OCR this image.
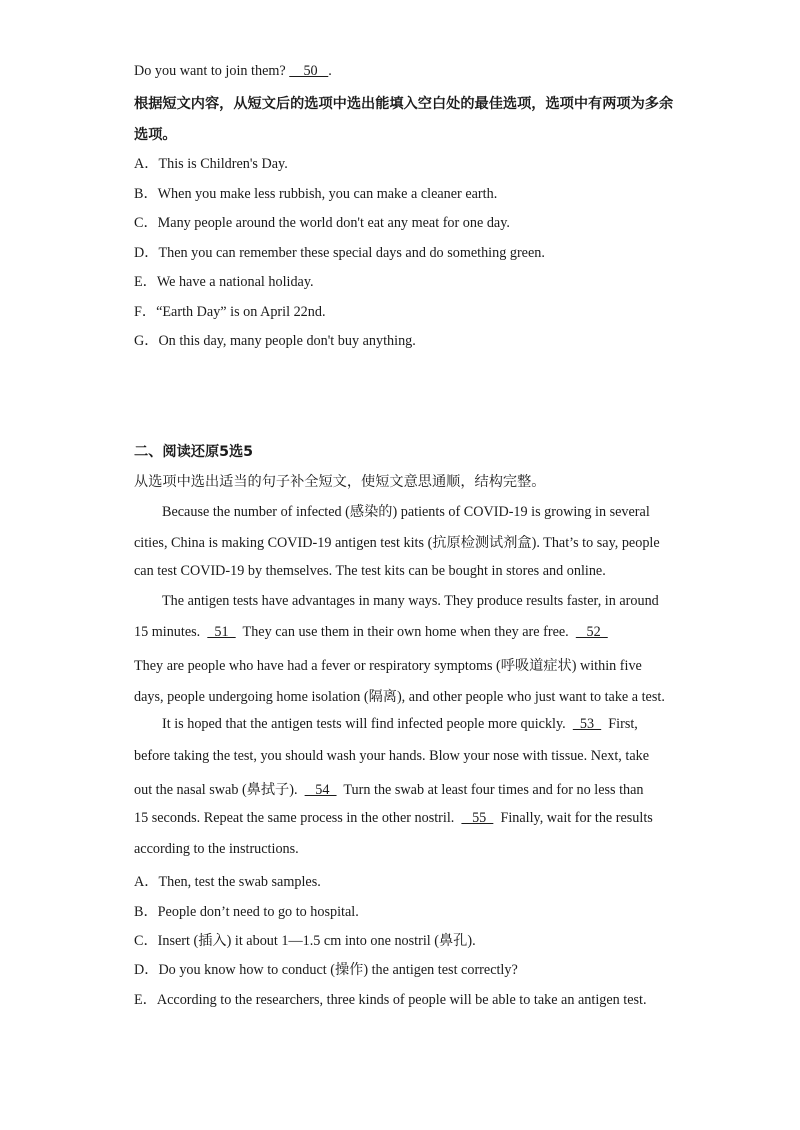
Do you want to join them?     50   .
根据短文内容，从短文后的选项中选出能填入空白处的最佳选项，选项中有两项为多余
选项。
A．This is Children's Day.
B．When you make less rubbish, you can make a cleaner earth.
C．Many people around the world don't eat any meat for one day.
D．Then you can remember these special days and do something green.
E．We have a national holiday.
F．“Earth Day” is on April 22nd.
G．On this day, many people don't buy anything.
二、阅读还原5选5
从选项中选出适当的句子补全短文，使短文意思通顺，结构完整。
Because the number of infected (感染的) patients of COVID-19 is growing in several
cities, China is making COVID-19 antigen test kits (抗原检测试剂盒). That’s to say, people
can test COVID-19 by themselves. The test kits can be bought in stores and online.
The antigen tests have advantages in many ways. They produce results faster, in around
15 minutes.    51    They can use them in their own home when they are free.     52
They are people who have had a fever or respiratory symptoms (呼吸道症状) within five
days, people undergoing home isolation (隔离), and other people who just want to take a test.
It is hoped that the antigen tests will find infected people more quickly.    53    First,
before taking the test, you should wash your hands. Blow your nose with tissue. Next, take
out the nasal swab (鼻拭子).     54    Turn the swab at least four times and for no less than
15 seconds. Repeat the same process in the other nostril.     55    Finally, wait for the results
according to the instructions.
A．Then, test the swab samples.
B．People don’t need to go to hospital.
C．Insert (插入) it about 1—1.5 cm into one nostril (鼻孔).
D．Do you know how to conduct (操作) the antigen test correctly?
E．According to the researchers, three kinds of people will be able to take an antigen test.
